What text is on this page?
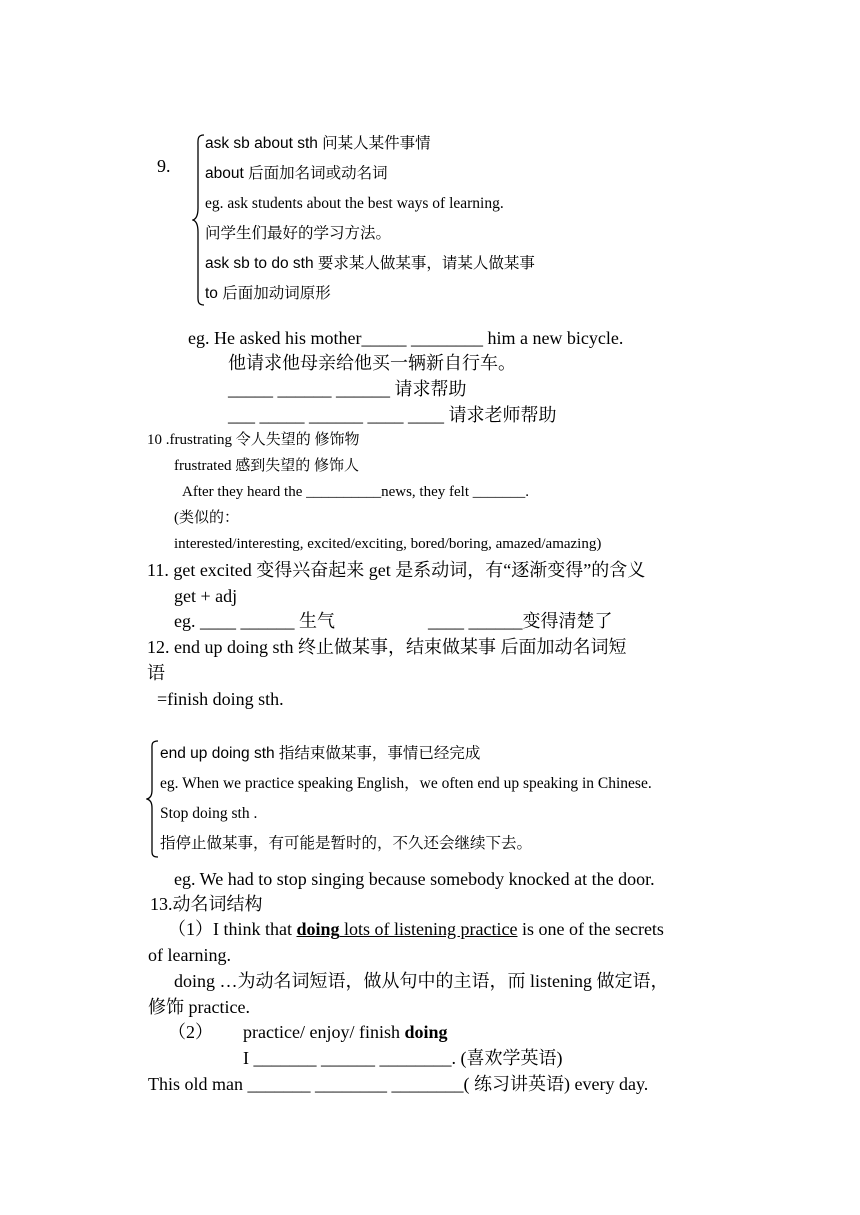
9.
ask sb about sth 问某人某件事情
about 后面加名词或动名词
eg. ask students about the best ways of learning.
问学生们最好的学习方法。
ask sb to do sth 要求某人做某事，请某人做某事
to 后面加动词原形
eg. He asked his mother_____ ________ him a new bicycle.
他请求他母亲给他买一辆新自行车。
_____ ______ ______ 请求帮助
___ _____ ______ ____ ____ 请求老师帮助
10 .frustrating 令人失望的 修饰物
frustrated 感到失望的 修饰人
After they heard the __________news, they felt _______.
(类似的：
interested/interesting, excited/exciting, bored/boring, amazed/amazing)
11. get excited 变得兴奋起来 get 是系动词，有“逐渐变得”的含义
get + adj
eg. ____ ______ 生气	____ ______变得清楚了
12. end up doing sth 终止做某事，结束做某事 后面加动名词短
语
=finish doing sth.
end up doing sth 指结束做某事，事情已经完成
eg. When we practice speaking English，we often end up speaking in Chinese.
Stop doing sth .
指停止做某事，有可能是暂时的，不久还会继续下去。
eg. We had to stop singing because somebody knocked at the door.
13.动名词结构
（1）I think that doing lots of listening practice is one of the secrets
of learning.
doing …为动名词短语，做从句中的主语，而 listening 做定语，
修饰 practice.
（2） practice/ enjoy/ finish doing
I _______ ______ ________. (喜欢学英语)
This old man _______ ________ ________( 练习讲英语) every day.
